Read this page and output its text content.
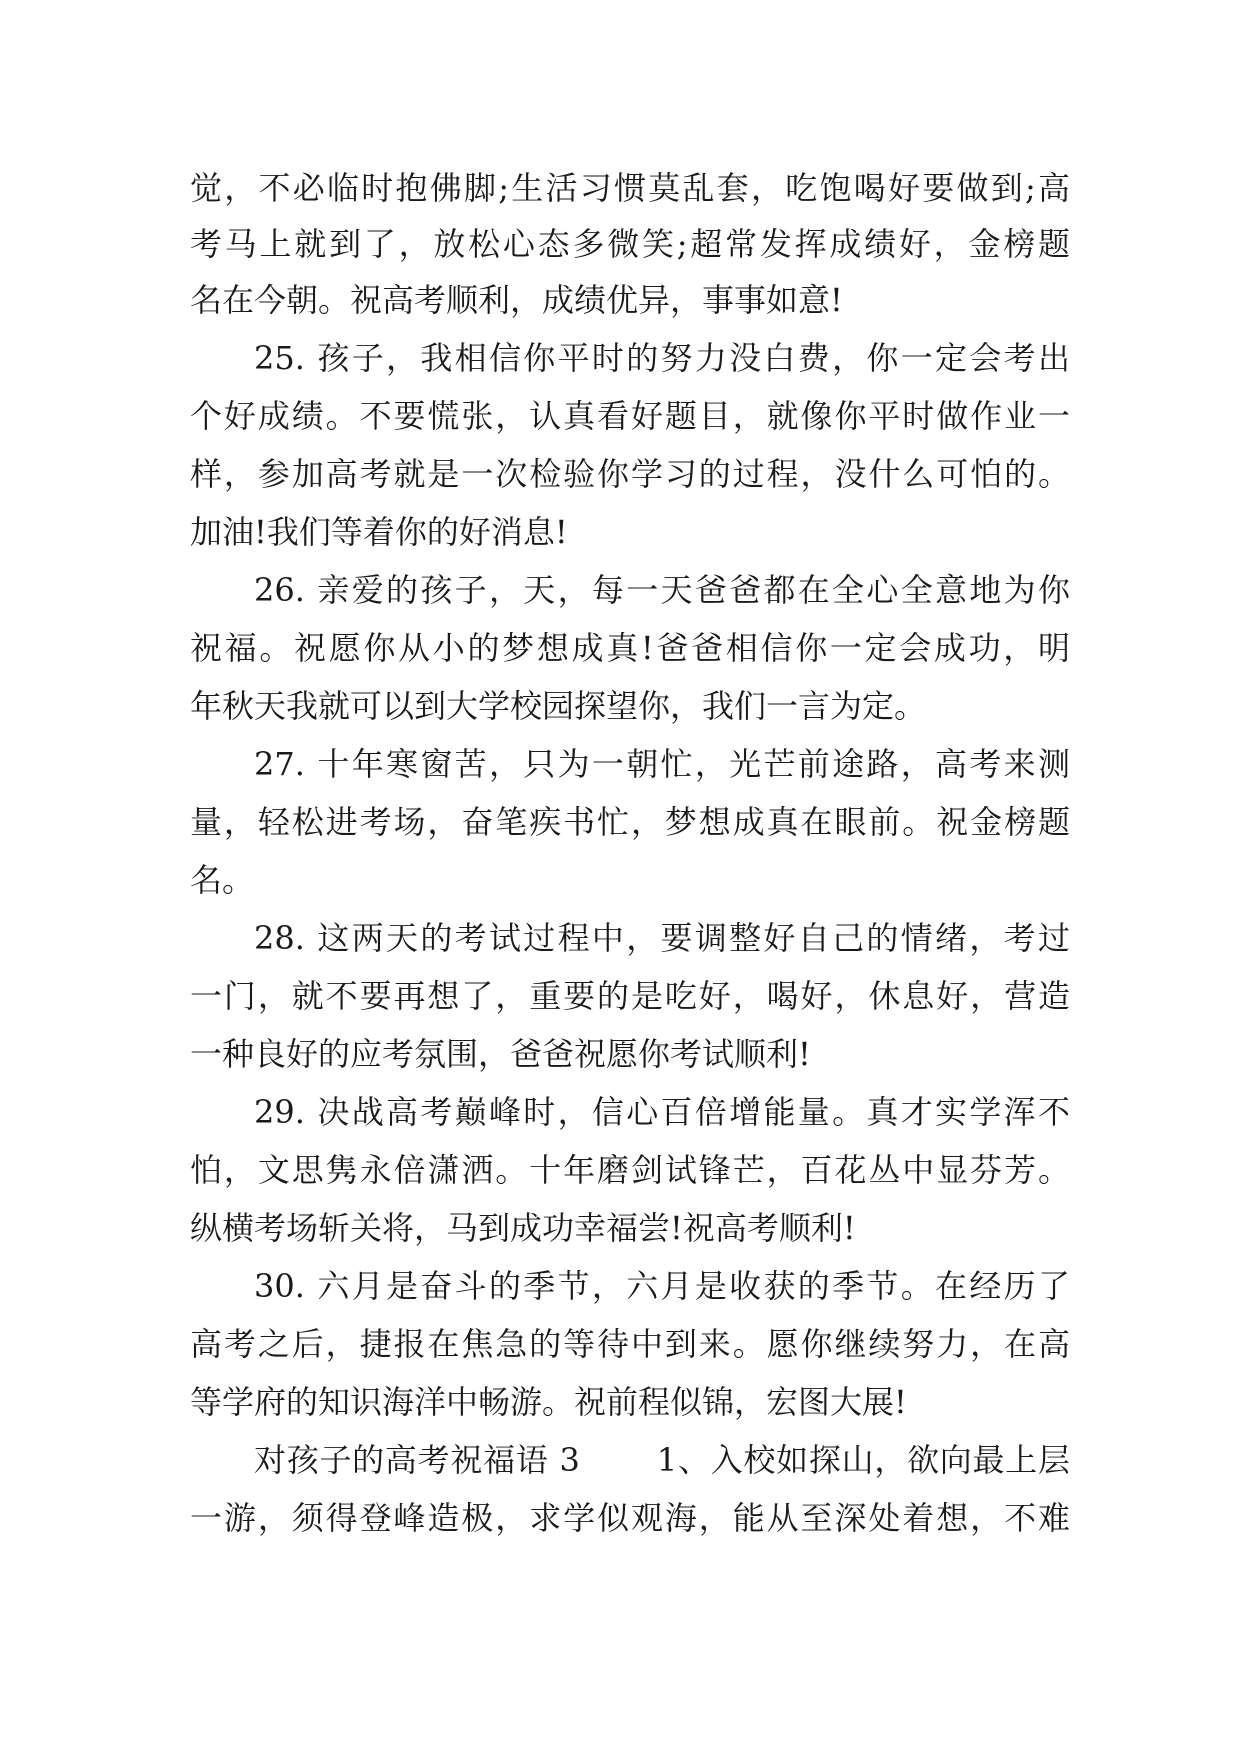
觉，不必临时抱佛脚;生活习惯莫乱套，吃饱喝好要做到;高
考马上就到了，放松心态多微笑;超常发挥成绩好，金榜题
名在今朝。祝高考顺利，成绩优异，事事如意!
25. 孩子，我相信你平时的努力没白费，你一定会考出
个好成绩。不要慌张，认真看好题目，就像你平时做作业一
样，参加高考就是一次检验你学习的过程，没什么可怕的。
加油!我们等着你的好消息!
26. 亲爱的孩子，天，每一天爸爸都在全心全意地为你
祝福。祝愿你从小的梦想成真!爸爸相信你一定会成功，明
年秋天我就可以到大学校园探望你，我们一言为定。
27. 十年寒窗苦，只为一朝忙，光芒前途路，高考来测
量，轻松进考场，奋笔疾书忙，梦想成真在眼前。祝金榜题
名。
28. 这两天的考试过程中，要调整好自己的情绪，考过
一门，就不要再想了，重要的是吃好，喝好，休息好，营造
一种良好的应考氛围，爸爸祝愿你考试顺利!
29. 决战高考巅峰时，信心百倍增能量。真才实学浑不
怕，文思隽永倍潇洒。十年磨剑试锋芒，百花丛中显芬芳。
纵横考场斩关将，马到成功幸福尝!祝高考顺利!
30. 六月是奋斗的季节，六月是收获的季节。在经历了
高考之后，捷报在焦急的等待中到来。愿你继续努力，在高
等学府的知识海洋中畅游。祝前程似锦，宏图大展!
对孩子的高考祝福语 3　　 1、入校如探山，欲向最上层
一游，须得登峰造极，求学似观海，能从至深处着想，不难
